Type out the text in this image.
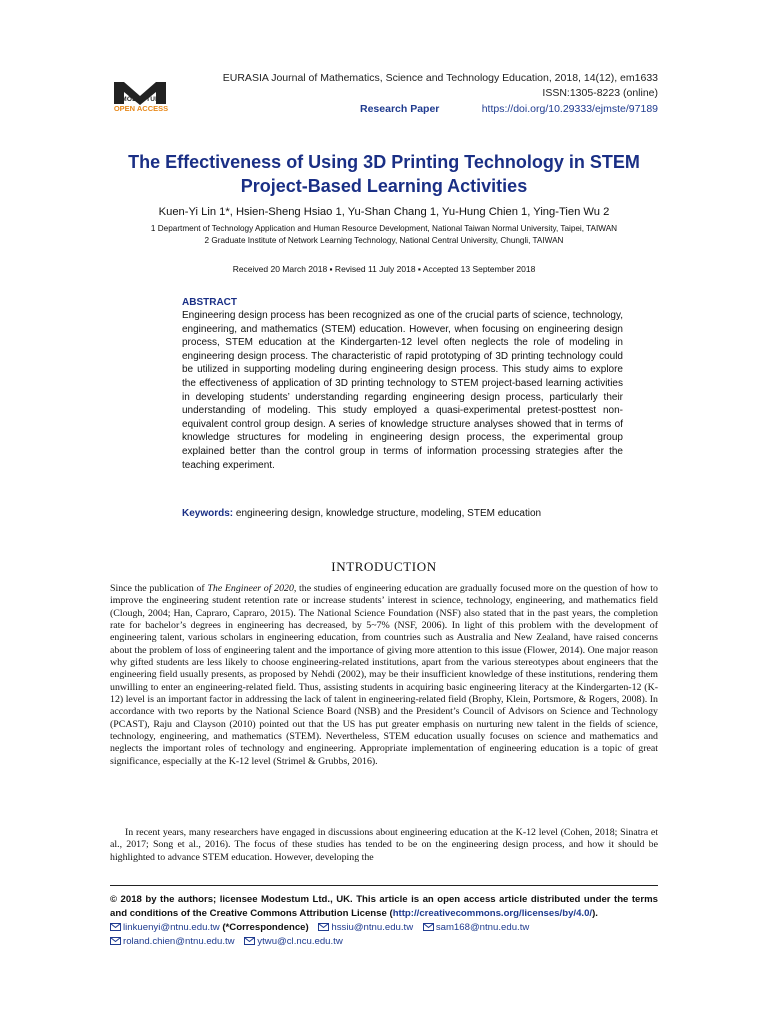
MODESTUM
OPEN ACCESS
EURASIA Journal of Mathematics, Science and Technology Education, 2018, 14(12), em1633
ISSN:1305-8223 (online)
Research Paper	https://doi.org/10.29333/ejmste/97189
The Effectiveness of Using 3D Printing Technology in STEM
Project-Based Learning Activities
Kuen-Yi Lin 1*, Hsien-Sheng Hsiao 1, Yu-Shan Chang 1, Yu-Hung Chien 1, Ying-Tien Wu 2
1 Department of Technology Application and Human Resource Development, National Taiwan Normal University, Taipei, TAIWAN
2 Graduate Institute of Network Learning Technology, National Central University, Chungli, TAIWAN
Received 20 March 2018 ▪ Revised 11 July 2018 ▪ Accepted 13 September 2018
ABSTRACT
Engineering design process has been recognized as one of the crucial parts of science, technology, engineering, and mathematics (STEM) education. However, when focusing on engineering design process, STEM education at the Kindergarten-12 level often neglects the role of modeling in engineering design process. The characteristic of rapid prototyping of 3D printing technology could be utilized in supporting modeling during engineering design process. This study aims to explore the effectiveness of application of 3D printing technology to STEM project-based learning activities in developing students’ understanding regarding engineering design process, particularly their understanding of modeling. This study employed a quasi-experimental pretest-posttest non-equivalent control group design. A series of knowledge structure analyses showed that in terms of knowledge structures for modeling in engineering design process, the experimental group explained better than the control group in terms of information processing strategies after the teaching experiment.
Keywords: engineering design, knowledge structure, modeling, STEM education
INTRODUCTION
Since the publication of The Engineer of 2020, the studies of engineering education are gradually focused more on the question of how to improve the engineering student retention rate or increase students’ interest in science, technology, engineering, and mathematics field (Clough, 2004; Han, Capraro, Capraro, 2015). The National Science Foundation (NSF) also stated that in the past years, the completion rate for bachelor’s degrees in engineering has decreased, by 5~7% (NSF, 2006). In light of this problem with the development of engineering talent, various scholars in engineering education, from countries such as Australia and New Zealand, have raised concerns about the problem of loss of engineering talent and the importance of giving more attention to this issue (Flower, 2014). One major reason why gifted students are less likely to choose engineering-related institutions, apart from the various stereotypes about engineers that the engineering field usually presents, as proposed by Nehdi (2002), may be their insufficient knowledge of these institutions, rendering them unwilling to enter an engineering-related field. Thus, assisting students in acquiring basic engineering literacy at the Kindergarten-12 (K-12) level is an important factor in addressing the lack of talent in engineering-related field (Brophy, Klein, Portsmore, & Rogers, 2008). In accordance with two reports by the National Science Board (NSB) and the President’s Council of Advisors on Science and Technology (PCAST), Raju and Clayson (2010) pointed out that the US has put greater emphasis on nurturing new talent in the fields of science, technology, engineering, and mathematics (STEM). Nevertheless, STEM education usually focuses on science and mathematics and neglects the important roles of technology and engineering. Appropriate implementation of engineering education is a topic of great significance, especially at the K-12 level (Strimel & Grubbs, 2016).
In recent years, many researchers have engaged in discussions about engineering education at the K-12 level (Cohen, 2018; Sinatra et al., 2017; Song et al., 2016). The focus of these studies has tended to be on the engineering design process, and how it should be highlighted to advance STEM education. However, developing the
© 2018 by the authors; licensee Modestum Ltd., UK. This article is an open access article distributed under the terms and conditions of the Creative Commons Attribution License (http://creativecommons.org/licenses/by/4.0/).
linkuenyi@ntnu.edu.tw (*Correspondence) hssiu@ntnu.edu.tw sam168@ntnu.edu.tw
roland.chien@ntnu.edu.tw ytwu@cl.ncu.edu.tw
